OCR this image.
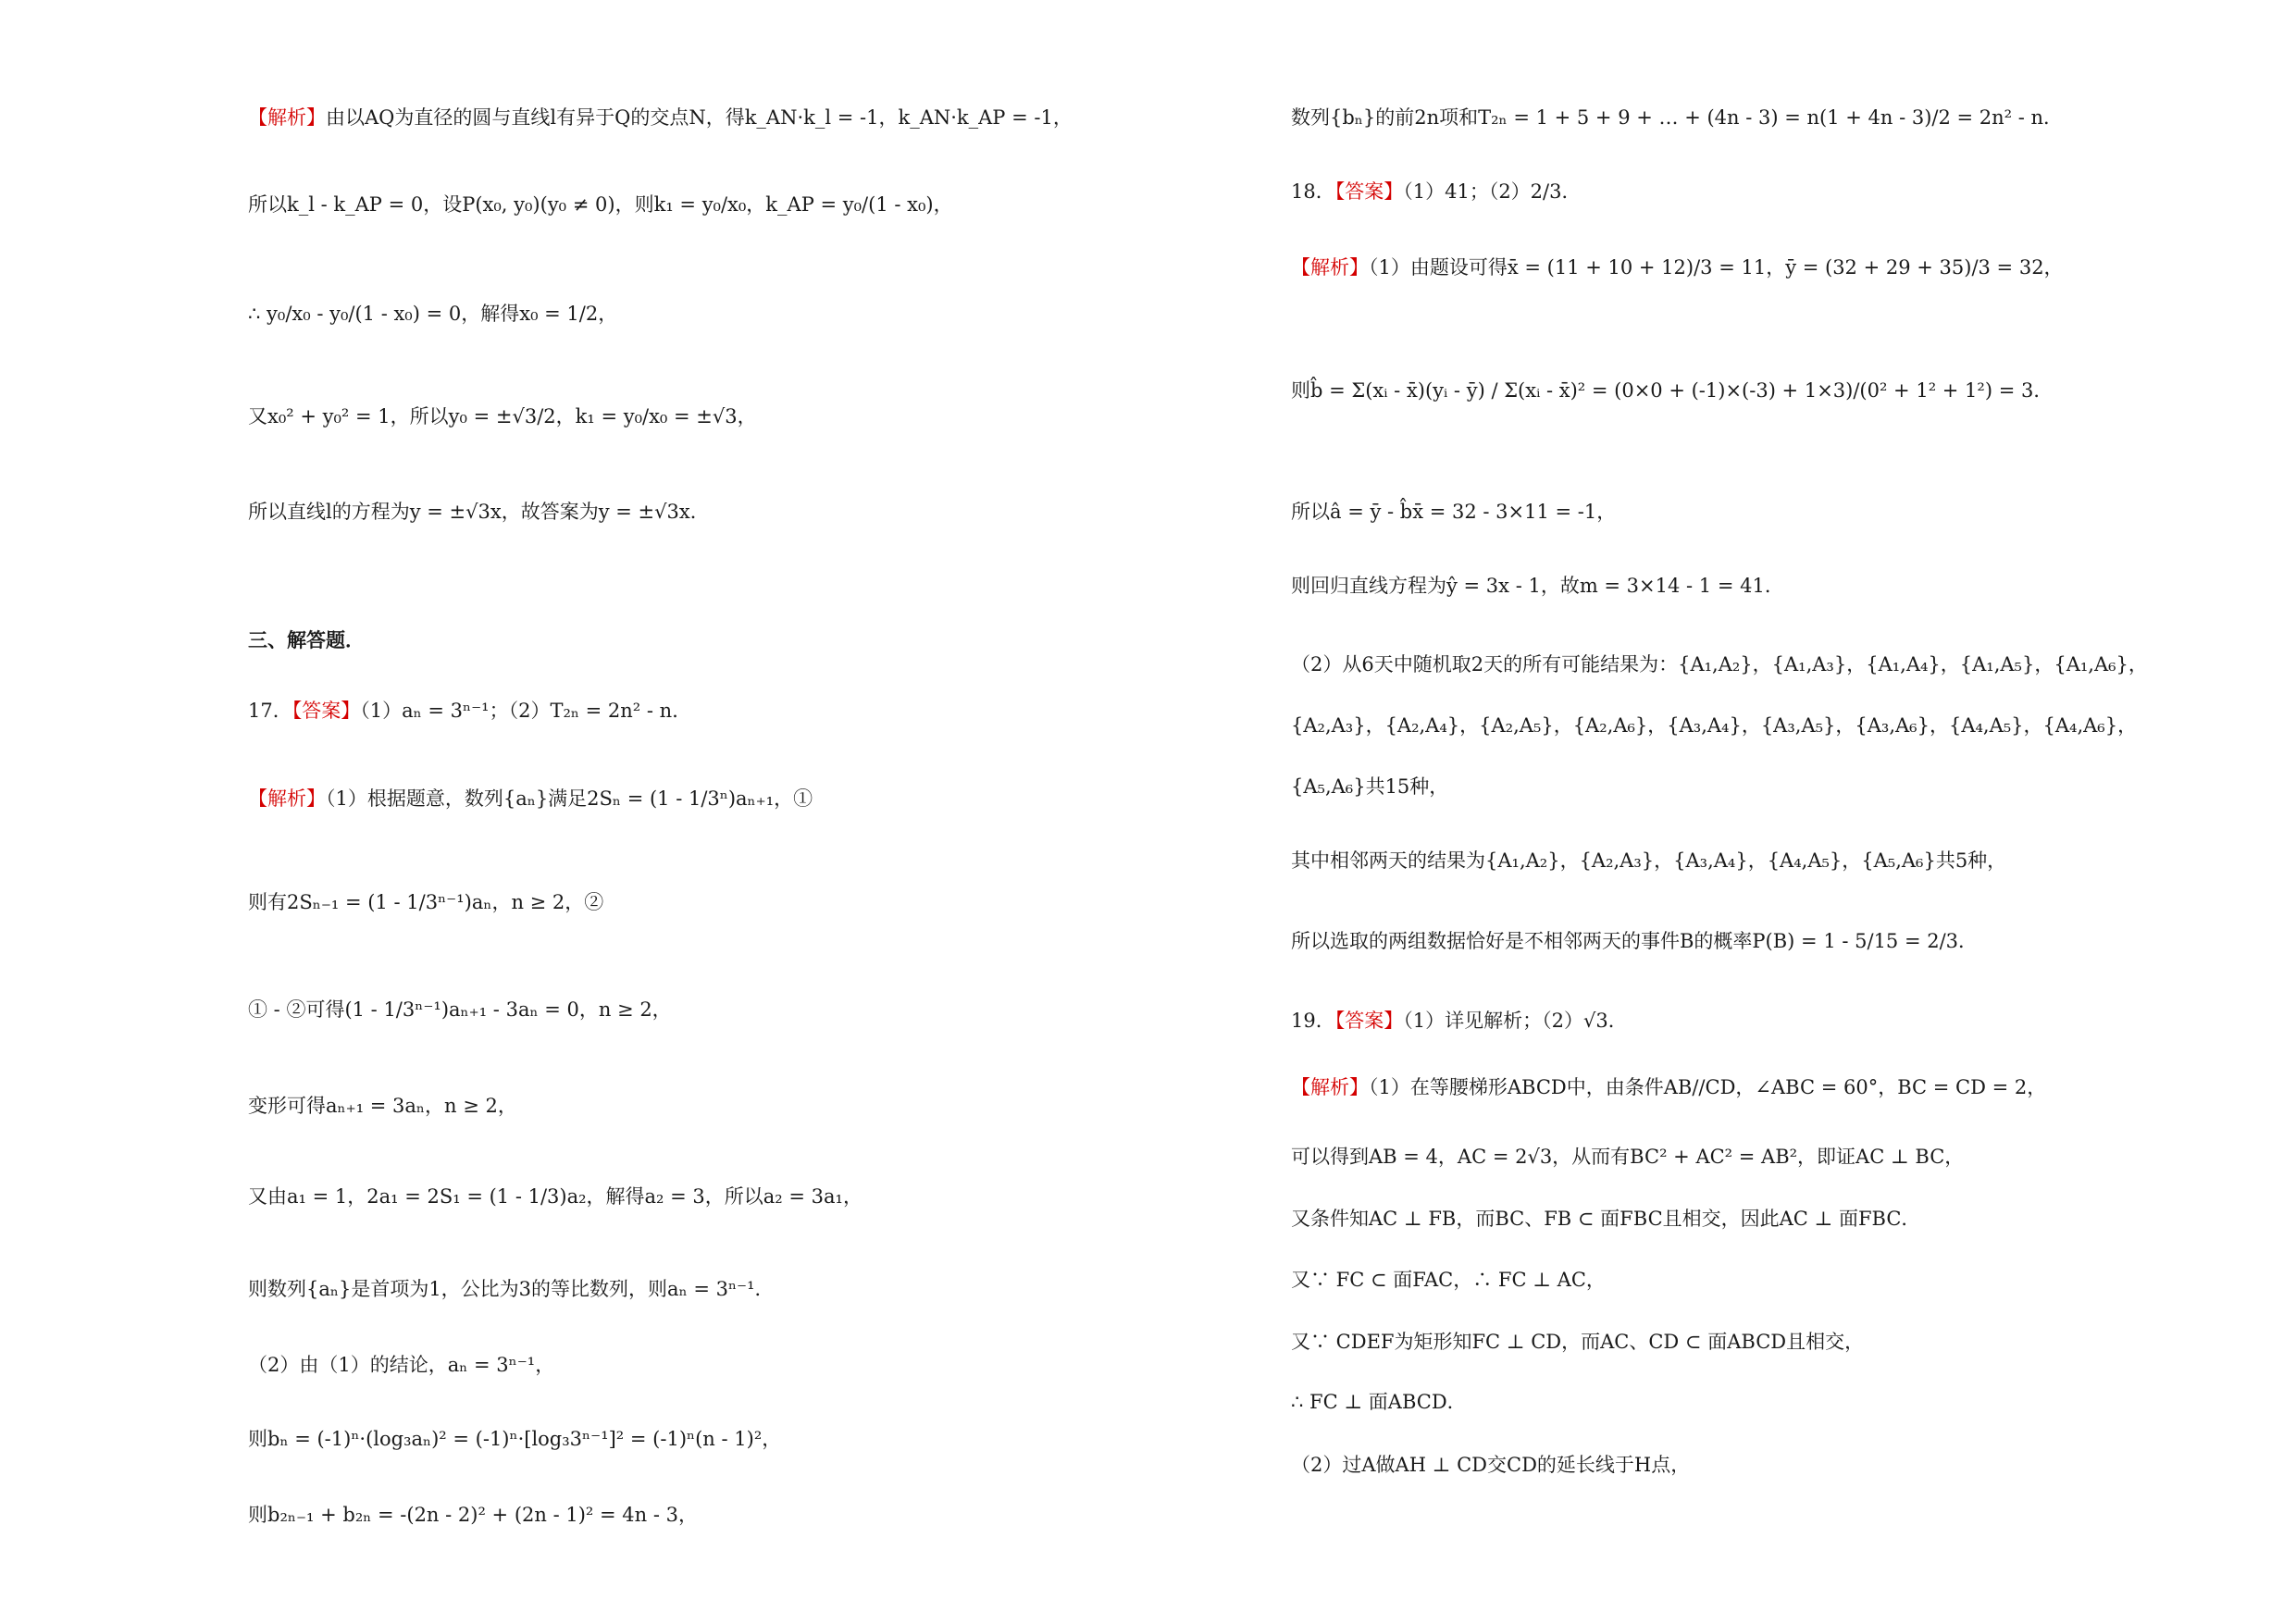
【解析】由以AQ为直径的圆与直线l有异于Q的交点N，得k_AN·k_l = -1，k_AN·k_AP = -1，
所以k_l - k_AP = 0，设P(x₀, y₀)(y₀ ≠ 0)，则k₁ = y₀/x₀，k_AP = y₀/(1 - x₀)，
∴ y₀/x₀ - y₀/(1 - x₀) = 0，解得x₀ = 1/2，
又x₀² + y₀² = 1，所以y₀ = ±√3/2，k₁ = y₀/x₀ = ±√3，
所以直线l的方程为y = ±√3x，故答案为y = ±√3x．
三、解答题．
17．【答案】（1）aₙ = 3ⁿ⁻¹；（2）T₂ₙ = 2n² - n．
【解析】（1）根据题意，数列{aₙ}满足2Sₙ = (1 - 1/3ⁿ)aₙ₊₁，①
则有2Sₙ₋₁ = (1 - 1/3ⁿ⁻¹)aₙ，n ≥ 2，②
① - ②可得(1 - 1/3ⁿ⁻¹)aₙ₊₁ - 3aₙ = 0，n ≥ 2，
变形可得aₙ₊₁ = 3aₙ，n ≥ 2，
又由a₁ = 1，2a₁ = 2S₁ = (1 - 1/3)a₂，解得a₂ = 3，所以a₂ = 3a₁，
则数列{aₙ}是首项为1，公比为3的等比数列，则aₙ = 3ⁿ⁻¹．
（2）由（1）的结论，aₙ = 3ⁿ⁻¹，
则bₙ = (-1)ⁿ·(log₃aₙ)² = (-1)ⁿ·[log₃3ⁿ⁻¹]² = (-1)ⁿ(n - 1)²，
则b₂ₙ₋₁ + b₂ₙ = -(2n - 2)² + (2n - 1)² = 4n - 3，
数列{bₙ}的前2n项和T₂ₙ = 1 + 5 + 9 + … + (4n - 3) = n(1 + 4n - 3)/2 = 2n² - n．
18．【答案】（1）41；（2）2/3．
【解析】（1）由题设可得x̄ = (11 + 10 + 12)/3 = 11，ȳ = (32 + 29 + 35)/3 = 32，
则b̂ = Σ(xᵢ - x̄)(yᵢ - ȳ) / Σ(xᵢ - x̄)² = (0×0 + (-1)×(-3) + 1×3)/(0² + 1² + 1²) = 3．
所以â = ȳ - b̂x̄ = 32 - 3×11 = -1，
则回归直线方程为ŷ = 3x - 1，故m = 3×14 - 1 = 41．
（2）从6天中随机取2天的所有可能结果为：{A₁,A₂}，{A₁,A₃}，{A₁,A₄}，{A₁,A₅}，{A₁,A₆}，
{A₂,A₃}，{A₂,A₄}，{A₂,A₅}，{A₂,A₆}，{A₃,A₄}，{A₃,A₅}，{A₃,A₆}，{A₄,A₅}，{A₄,A₆}，
{A₅,A₆}共15种，
其中相邻两天的结果为{A₁,A₂}，{A₂,A₃}，{A₃,A₄}，{A₄,A₅}，{A₅,A₆}共5种，
所以选取的两组数据恰好是不相邻两天的事件B的概率P(B) = 1 - 5/15 = 2/3．
19．【答案】（1）详见解析；（2）√3．
【解析】（1）在等腰梯形ABCD中，由条件AB//CD，∠ABC = 60°，BC = CD = 2，
可以得到AB = 4，AC = 2√3，从而有BC² + AC² = AB²，即证AC ⊥ BC，
又条件知AC ⊥ FB，而BC、FB ⊂ 面FBC且相交，因此AC ⊥ 面FBC．
又∵ FC ⊂ 面FAC，∴ FC ⊥ AC，
又∵ CDEF为矩形知FC ⊥ CD，而AC、CD ⊂ 面ABCD且相交，
∴ FC ⊥ 面ABCD．
（2）过A做AH ⊥ CD交CD的延长线于H点，
